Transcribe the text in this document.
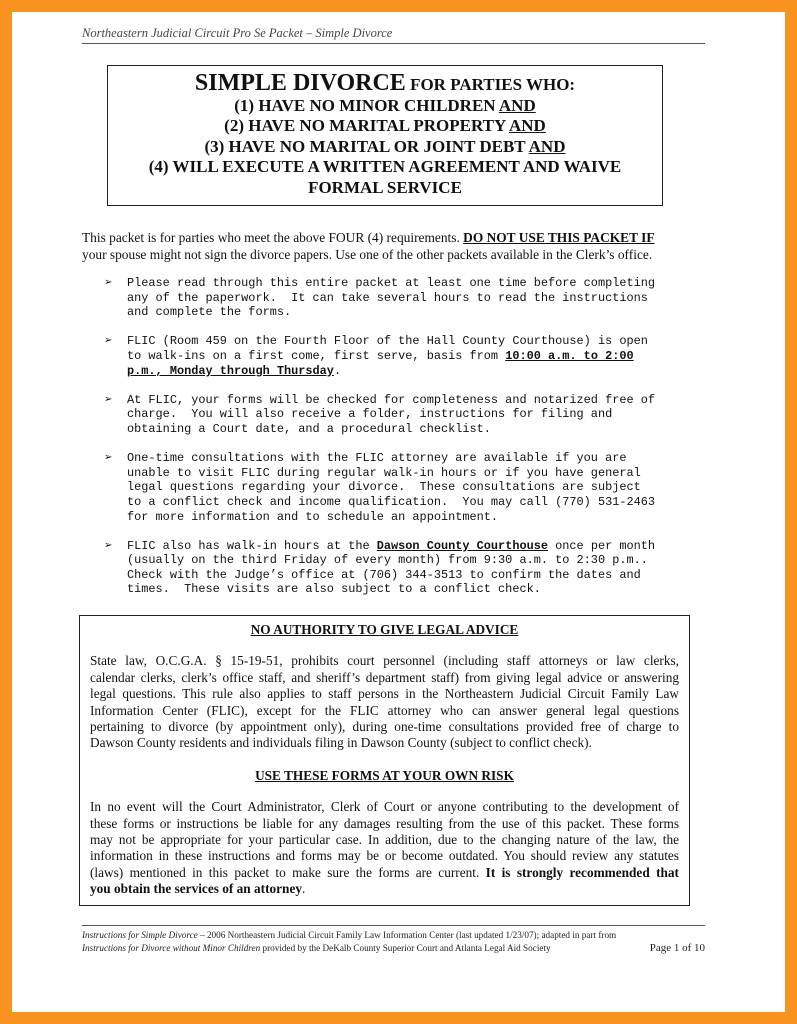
Northeastern Judicial Circuit Pro Se Packet – Simple Divorce
SIMPLE DIVORCE FOR PARTIES WHO:
(1) HAVE NO MINOR CHILDREN AND
(2) HAVE NO MARITAL PROPERTY AND
(3) HAVE NO MARITAL OR JOINT DEBT AND
(4) WILL EXECUTE A WRITTEN AGREEMENT AND WAIVE
FORMAL SERVICE
This packet is for parties who meet the above FOUR (4) requirements. DO NOT USE THIS PACKET IF
your spouse might not sign the divorce papers. Use one of the other packets available in the Clerk’s office.
➢ Please read through this entire packet at least one time before completing
any of the paperwork.  It can take several hours to read the instructions
and complete the forms.
➢ FLIC (Room 459 on the Fourth Floor of the Hall County Courthouse) is open
to walk-ins on a first come, first serve, basis from 10:00 a.m. to 2:00
p.m., Monday through Thursday.
➢ At FLIC, your forms will be checked for completeness and notarized free of
charge.  You will also receive a folder, instructions for filing and
obtaining a Court date, and a procedural checklist.
➢ One-time consultations with the FLIC attorney are available if you are
unable to visit FLIC during regular walk-in hours or if you have general
legal questions regarding your divorce.  These consultations are subject
to a conflict check and income qualification.  You may call (770) 531-2463
for more information and to schedule an appointment.
➢ FLIC also has walk-in hours at the Dawson County Courthouse once per month
(usually on the third Friday of every month) from 9:30 a.m. to 2:30 p.m..
Check with the Judge’s office at (706) 344-3513 to confirm the dates and
times.  These visits are also subject to a conflict check.
NO AUTHORITY TO GIVE LEGAL ADVICE
State law, O.C.G.A. § 15-19-51, prohibits court personnel (including staff attorneys or law clerks,
calendar clerks, clerk’s office staff, and sheriff’s department staff) from giving legal advice or answering
legal questions. This rule also applies to staff persons in the Northeastern Judicial Circuit Family Law
Information Center (FLIC), except for the FLIC attorney who can answer general legal questions
pertaining to divorce (by appointment only), during one-time consultations provided free of charge to
Dawson County residents and individuals filing in Dawson County (subject to conflict check).
USE THESE FORMS AT YOUR OWN RISK
In no event will the Court Administrator, Clerk of Court or anyone contributing to the development of
these forms or instructions be liable for any damages resulting from the use of this packet. These forms
may not be appropriate for your particular case. In addition, due to the changing nature of the law, the
information in these instructions and forms may be or become outdated. You should review any statutes
(laws) mentioned in this packet to make sure the forms are current. It is strongly recommended that
you obtain the services of an attorney.
Instructions for Simple Divorce – 2006 Northeastern Judicial Circuit Family Law Information Center (last updated 1/23/07); adapted in part from
Instructions for Divorce without Minor Children provided by the DeKalb County Superior Court and Atlanta Legal Aid Society	Page 1 of 10
